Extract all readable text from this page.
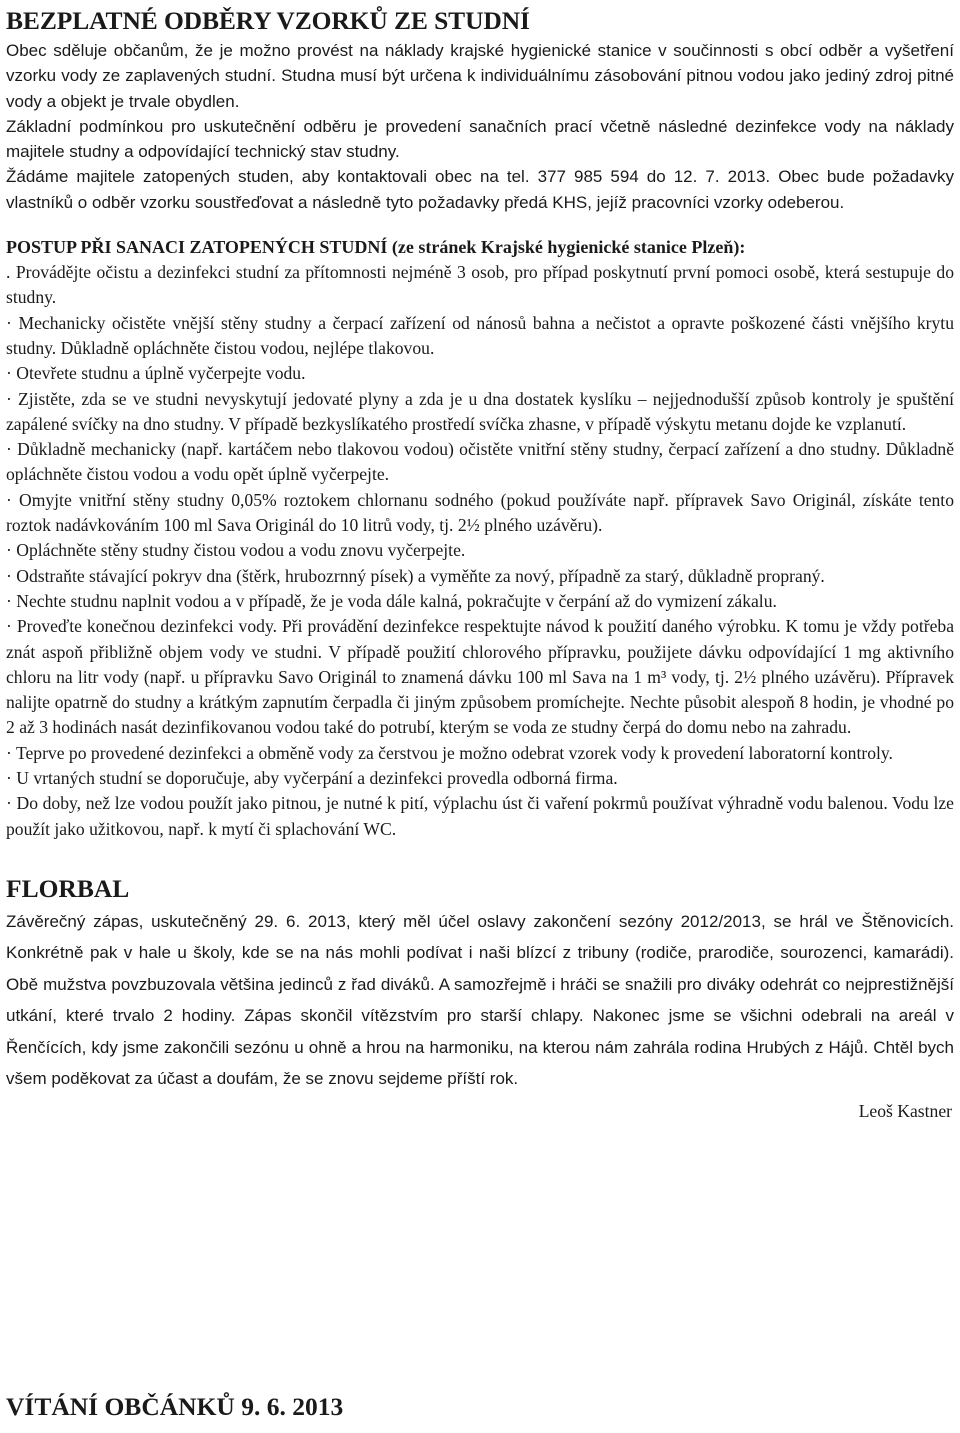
BEZPLATNÉ ODBĚRY VZORKŮ ZE STUDNÍ

Obec sděluje občanům, že je možno provést na náklady krajské hygienické stanice v součinnosti s obcí odběr a vyšetření vzorku vody ze zaplavených studní. Studna musí být určena k individuálnímu zásobování pitnou vodou jako jediný zdroj pitné vody a objekt je trvale obydlen.

Základní podmínkou pro uskutečnění odběru je provedení sanačních prací včetně následné dezinfekce vody na náklady majitele studny a odpovídající technický stav studny.

Žádáme majitele zatopených studen, aby kontaktovali obec na tel. 377 985 594 do 12. 7. 2013. Obec bude požadavky vlastníků o odběr vzorku soustřeďovat a následně tyto požadavky předá KHS, jejíž pracovníci vzorky odeberou.

POSTUP PŘI SANACI ZATOPENÝCH STUDNÍ (ze stránek Krajské hygienické stanice Plzeň):
. Provádějte očistu a dezinfekci studní za přítomnosti nejméně 3 osob, pro případ poskytnutí první pomoci osobě, která sestupuje do studny.
· Mechanicky očistěte vnější stěny studny a čerpací zařízení od nánosů bahna a nečistot a opravte poškozené části vnějšího krytu studny. Důkladně opláchněte čistou vodou, nejlépe tlakovou.
· Otevřete studnu a úplně vyčerpejte vodu.
· Zjistěte, zda se ve studni nevyskytují jedovaté plyny a zda je u dna dostatek kyslíku – nejjednodušší způsob kontroly je spuštění zapálené svíčky na dno studny. V případě bezkyslíkatého prostředí svíčka zhasne, v případě výskytu metanu dojde ke vzplanutí.
· Důkladně mechanicky (např. kartáčem nebo tlakovou vodou) očistěte vnitřní stěny studny, čerpací zařízení a dno studny. Důkladně opláchněte čistou vodou a vodu opět úplně vyčerpejte.
· Omyjte vnitřní stěny studny 0,05% roztokem chlornanu sodného (pokud používáte např. přípravek Savo Originál, získáte tento roztok nadávkováním 100 ml Sava Originál do 10 litrů vody, tj. 2½ plného uzávěru).
· Opláchněte stěny studny čistou vodou a vodu znovu vyčerpejte.
· Odstraňte stávající pokryv dna (štěrk, hrubozrnný písek) a vyměňte za nový, případně za starý, důkladně propraný.
· Nechte studnu naplnit vodou a v případě, že je voda dále kalná, pokračujte v čerpání až do vymizení zákalu.
· Proveďte konečnou dezinfekci vody. Při provádění dezinfekce respektujte návod k použití daného výrobku. K tomu je vždy potřeba znát aspoň přibližně objem vody ve studni. V případě použití chlorového přípravku, použijete dávku odpovídající 1 mg aktivního chloru na litr vody (např. u přípravku Savo Originál to znamená dávku 100 ml Sava na 1 m³ vody, tj. 2½ plného uzávěru). Přípravek nalijte opatrně do studny a krátkým zapnutím čerpadla či jiným způsobem promíchejte. Nechte působit alespoň 8 hodin, je vhodné po 2 až 3 hodinách nasát dezinfikovanou vodou také do potrubí, kterým se voda ze studny čerpá do domu nebo na zahradu.
· Teprve po provedené dezinfekci a obměně vody za čerstvou je možno odebrat vzorek vody k provedení laboratorní kontroly.
· U vrtaných studní se doporučuje, aby vyčerpání a dezinfekci provedla odborná firma.
· Do doby, než lze vodou použít jako pitnou, je nutné k pití, výplachu úst či vaření pokrmů používat výhradně vodu balenou. Vodu lze použít jako užitkovou, např. k mytí či splachování WC.
FLORBAL

Závěrečný zápas, uskutečněný 29. 6. 2013, který měl účel oslavy zakončení sezóny 2012/2013, se hrál ve Štěnovicích. Konkrétně pak v hale u školy, kde se na nás mohli podívat i naši blízcí z tribuny (rodiče, prarodiče, sourozenci, kamarádi). Obě mužstva povzbuzovala většina jedinců z řad diváků. A samozřejmě i hráči se snažili pro diváky odehrát co nejprestižnější utkání, které trvalo 2 hodiny. Zápas skončil vítězstvím pro starší chlapy. Nakonec jsme se všichni odebrali na areál v Řenčících, kdy jsme zakončili sezónu u ohně a hrou na harmoniku, na kterou nám zahrála rodina Hrubých z Hájů. Chtěl bych všem poděkovat za účast a doufám, že se znovu sejdeme příští rok.

Leoš Kastner
VÍTÁNÍ OBČÁNKŮ 9. 6. 2013
